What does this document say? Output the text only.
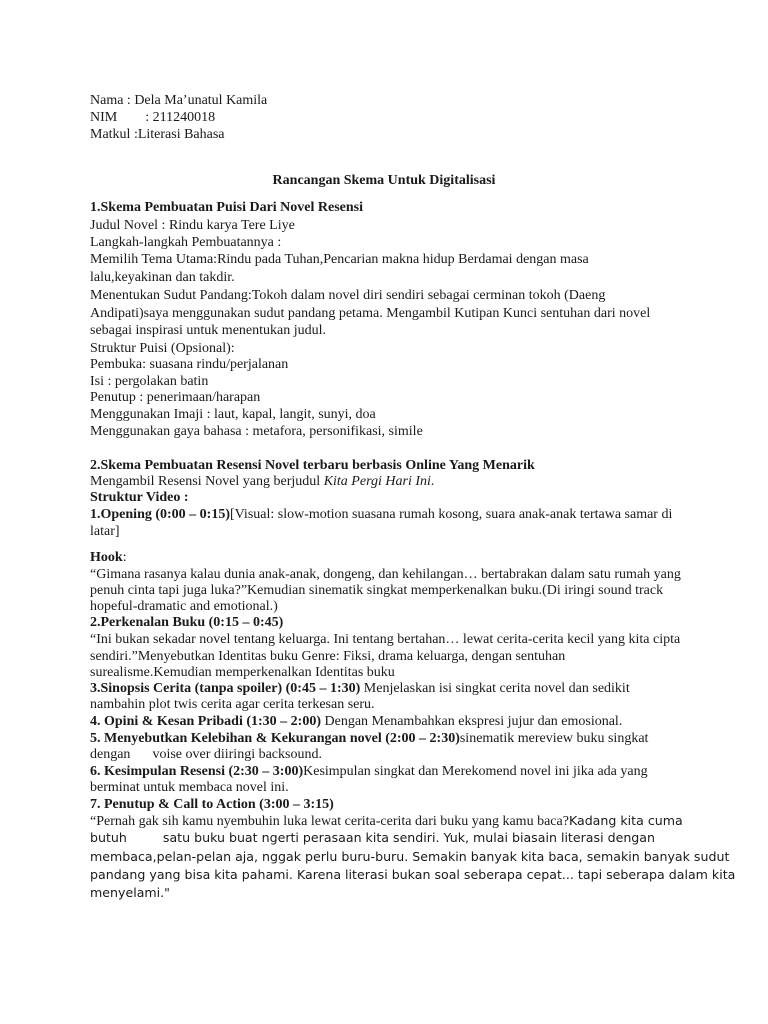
Nama : Dela Ma’unatul Kamila
NIM : 211240018
Matkul :Literasi Bahasa
Rancangan Skema Untuk Digitalisasi
1.Skema Pembuatan Puisi Dari Novel Resensi
Judul Novel : Rindu karya Tere Liye
Langkah-langkah Pembuatannya :
Memilih Tema Utama:Rindu pada Tuhan,Pencarian makna hidup Berdamai dengan masa
lalu,keyakinan dan takdir.
Menentukan Sudut Pandang:Tokoh dalam novel diri sendiri sebagai cerminan tokoh (Daeng
Andipati)saya menggunakan sudut pandang petama. Mengambil Kutipan Kunci sentuhan dari novel
sebagai inspirasi untuk menentukan judul.
Struktur Puisi (Opsional):
Pembuka: suasana rindu/perjalanan
Isi : pergolakan batin
Penutup : penerimaan/harapan
Menggunakan Imaji : laut, kapal, langit, sunyi, doa
Menggunakan gaya bahasa : metafora, personifikasi, simile
2.Skema Pembuatan Resensi Novel terbaru berbasis Online Yang Menarik
Mengambil Resensi Novel yang berjudul Kita Pergi Hari Ini.
Struktur Video :
1.Opening (0:00 – 0:15)[Visual: slow-motion suasana rumah kosong, suara anak-anak tertawa samar di
latar]
Hook:
“Gimana rasanya kalau dunia anak-anak, dongeng, dan kehilangan… bertabrakan dalam satu rumah yang
penuh cinta tapi juga luka?”Kemudian sinematik singkat memperkenalkan buku.(Di iringi sound track
hopeful-dramatic and emotional.)
2.Perkenalan Buku (0:15 – 0:45)
“Ini bukan sekadar novel tentang keluarga. Ini tentang bertahan… lewat cerita-cerita kecil yang kita cipta
sendiri.”Menyebutkan Identitas buku Genre: Fiksi, drama keluarga, dengan sentuhan
surealisme.Kemudian memperkenalkan Identitas buku
3.Sinopsis Cerita (tanpa spoiler) (0:45 – 1:30) Menjelaskan isi singkat cerita novel dan sedikit
nambahin plot twis cerita agar cerita terkesan seru.
4. Opini & Kesan Pribadi (1:30 – 2:00) Dengan Menambahkan ekspresi jujur dan emosional.
5. Menyebutkan Kelebihan & Kekurangan novel (2:00 – 2:30)sinematik mereview buku singkat
dengan voise over diiringi backsound.
6. Kesimpulan Resensi (2:30 – 3:00)Kesimpulan singkat dan Merekomend novel ini jika ada yang
berminat untuk membaca novel ini.
7. Penutup & Call to Action (3:00 – 3:15)
“Pernah gak sih kamu nyembuhin luka lewat cerita-cerita dari buku yang kamu baca?Kadang kita cuma
butuh	satu buku buat ngerti perasaan kita sendiri. Yuk, mulai biasain literasi dengan
membaca,pelan-pelan aja, nggak perlu buru-buru. Semakin banyak kita baca, semakin banyak sudut
pandang yang bisa kita pahami. Karena literasi bukan soal seberapa cepat... tapi seberapa dalam kita
menyelami."
